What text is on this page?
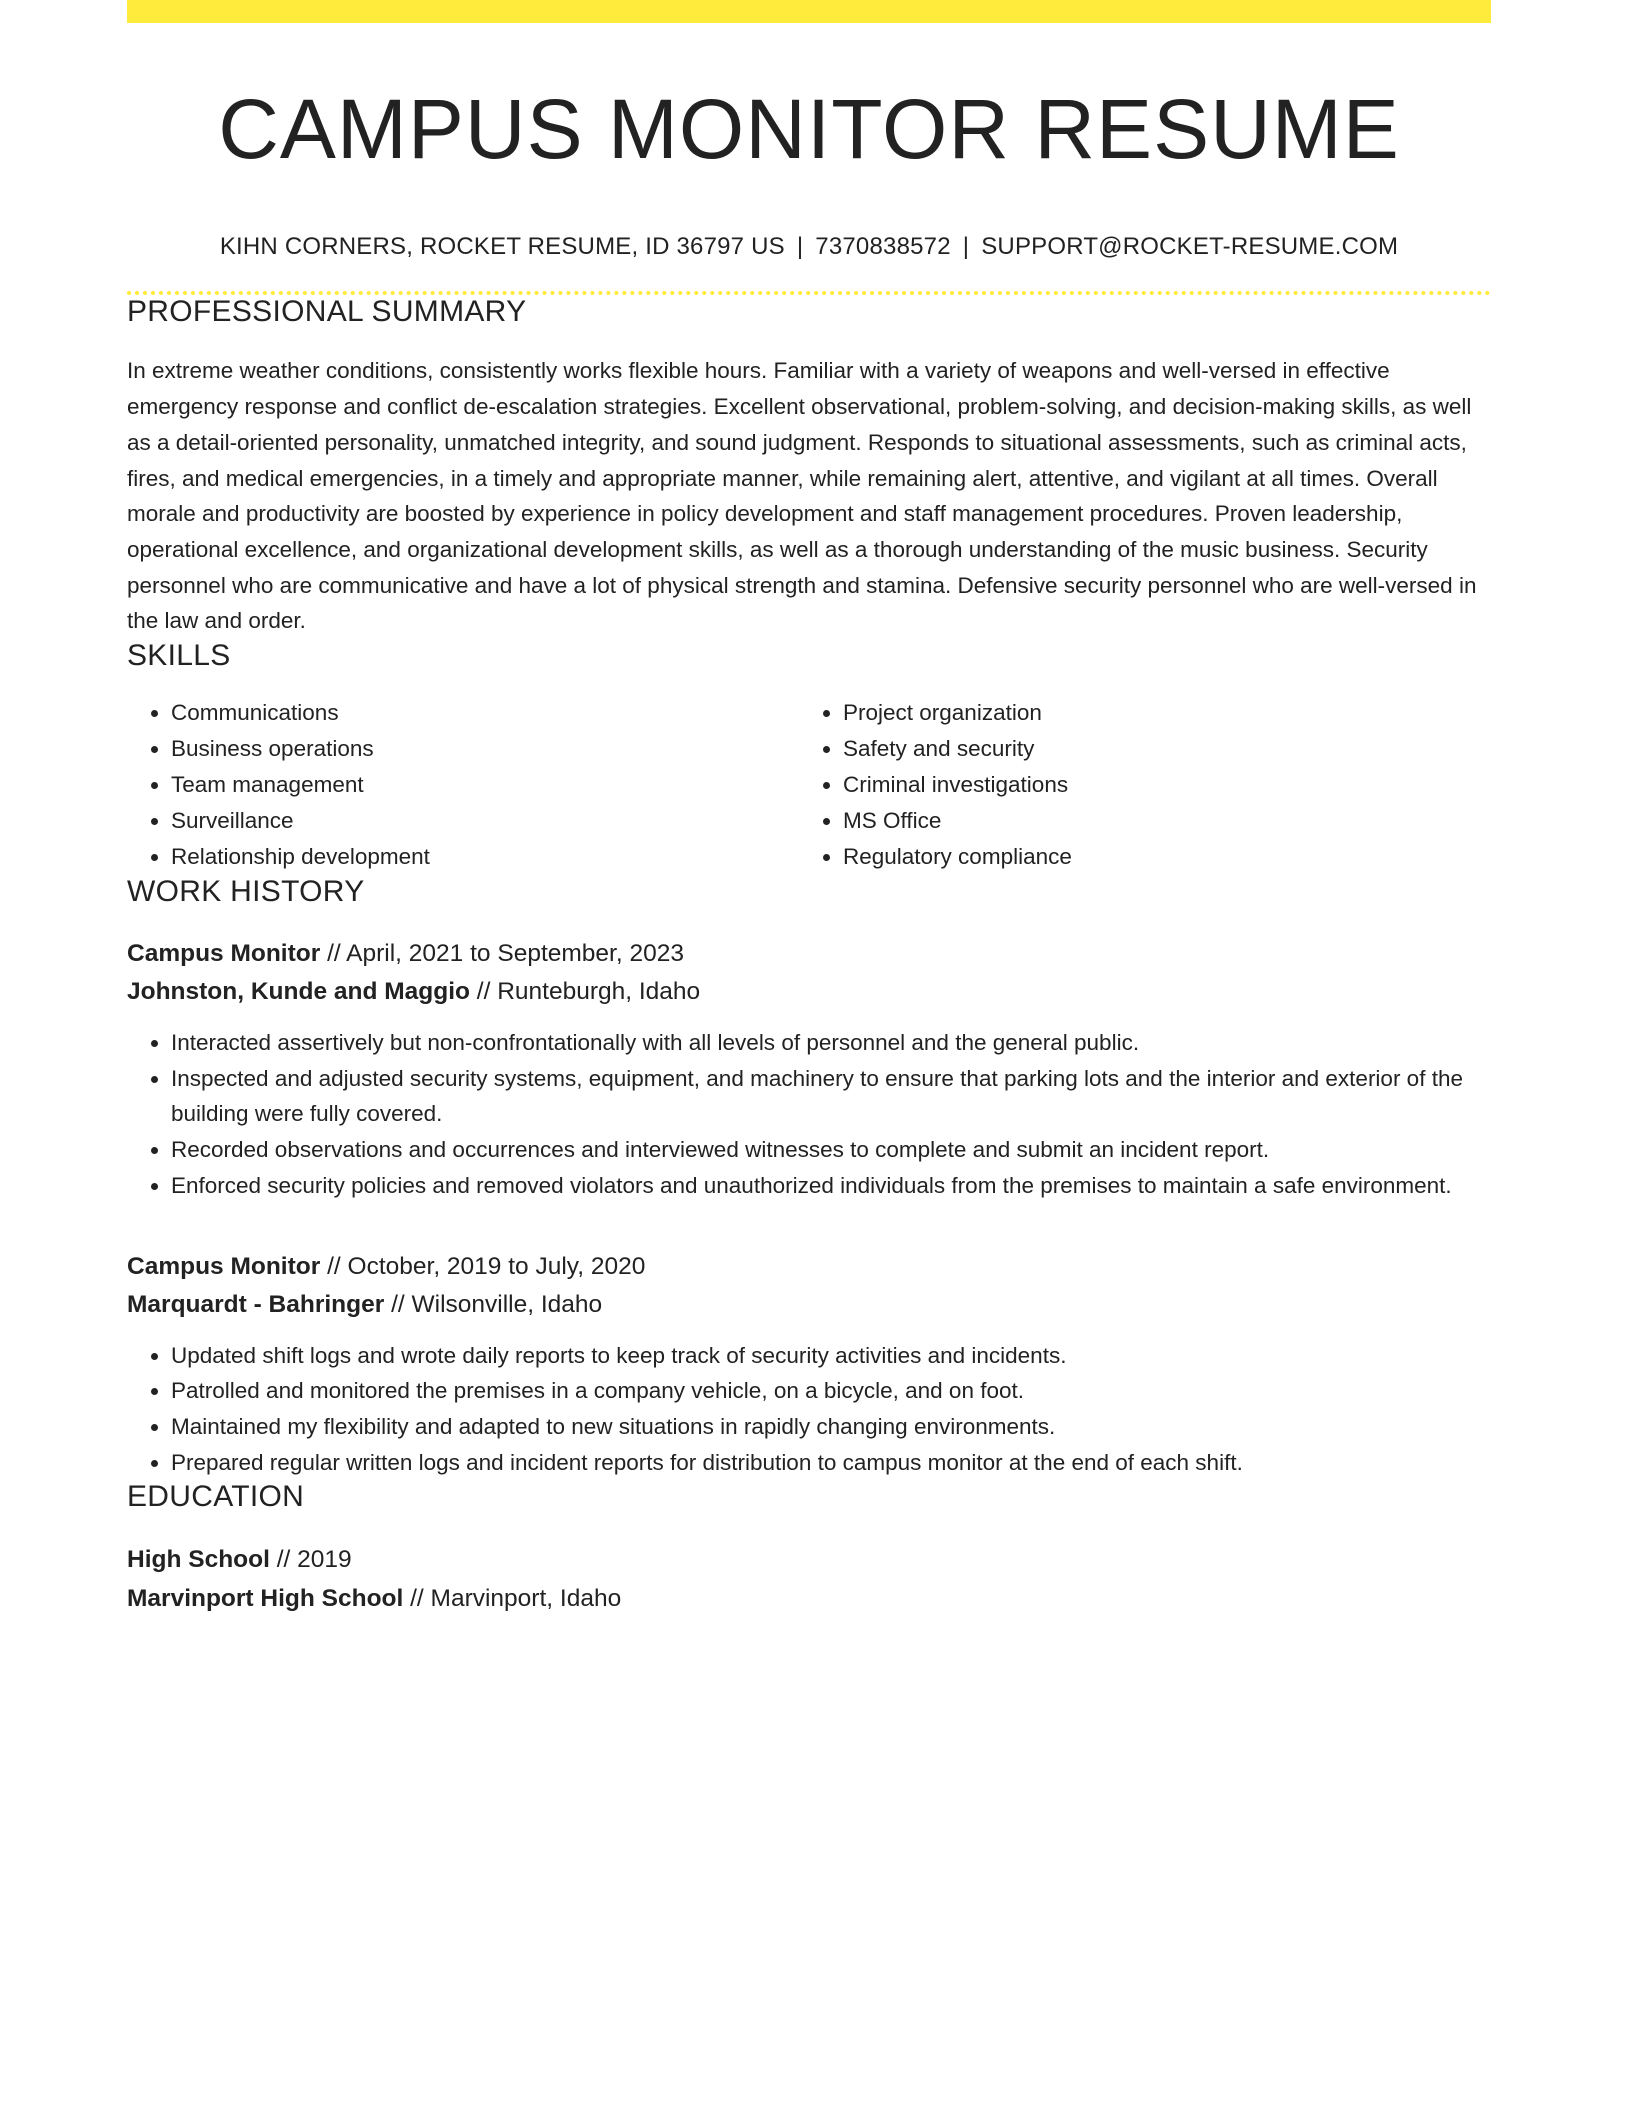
CAMPUS MONITOR RESUME
KIHN CORNERS, ROCKET RESUME, ID 36797 US | 7370838572 | SUPPORT@ROCKET-RESUME.COM
PROFESSIONAL SUMMARY
In extreme weather conditions, consistently works flexible hours. Familiar with a variety of weapons and well-versed in effective emergency response and conflict de-escalation strategies. Excellent observational, problem-solving, and decision-making skills, as well as a detail-oriented personality, unmatched integrity, and sound judgment. Responds to situational assessments, such as criminal acts, fires, and medical emergencies, in a timely and appropriate manner, while remaining alert, attentive, and vigilant at all times. Overall morale and productivity are boosted by experience in policy development and staff management procedures. Proven leadership, operational excellence, and organizational development skills, as well as a thorough understanding of the music business. Security personnel who are communicative and have a lot of physical strength and stamina. Defensive security personnel who are well-versed in the law and order.
SKILLS
• Communications
• Business operations
• Team management
• Surveillance
• Relationship development
• Project organization
• Safety and security
• Criminal investigations
• MS Office
• Regulatory compliance
WORK HISTORY
Campus Monitor // April, 2021 to September, 2023
Johnston, Kunde and Maggio // Runteburgh, Idaho
• Interacted assertively but non-confrontationally with all levels of personnel and the general public.
• Inspected and adjusted security systems, equipment, and machinery to ensure that parking lots and the interior and exterior of the building were fully covered.
• Recorded observations and occurrences and interviewed witnesses to complete and submit an incident report.
• Enforced security policies and removed violators and unauthorized individuals from the premises to maintain a safe environment.
Campus Monitor // October, 2019 to July, 2020
Marquardt - Bahringer // Wilsonville, Idaho
• Updated shift logs and wrote daily reports to keep track of security activities and incidents.
• Patrolled and monitored the premises in a company vehicle, on a bicycle, and on foot.
• Maintained my flexibility and adapted to new situations in rapidly changing environments.
• Prepared regular written logs and incident reports for distribution to campus monitor at the end of each shift.
EDUCATION
High School // 2019
Marvinport High School // Marvinport, Idaho
